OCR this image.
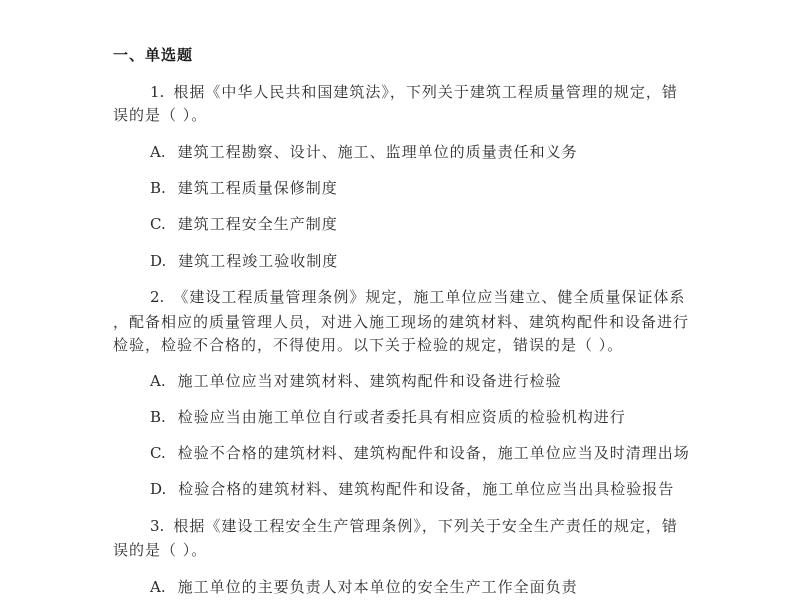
一、单选题
1. 根据《中华人民共和国建筑法》，下列关于建筑工程质量管理的规定，错
误的是（ ）。
A. 建筑工程勘察、设计、施工、监理单位的质量责任和义务
B. 建筑工程质量保修制度
C. 建筑工程安全生产制度
D. 建筑工程竣工验收制度
2. 《建设工程质量管理条例》规定，施工单位应当建立、健全质量保证体系
，配备相应的质量管理人员，对进入施工现场的建筑材料、建筑构配件和设备进行
检验，检验不合格的，不得使用。以下关于检验的规定，错误的是（ ）。
A. 施工单位应当对建筑材料、建筑构配件和设备进行检验
B. 检验应当由施工单位自行或者委托具有相应资质的检验机构进行
C. 检验不合格的建筑材料、建筑构配件和设备，施工单位应当及时清理出场
D. 检验合格的建筑材料、建筑构配件和设备，施工单位应当出具检验报告
3. 根据《建设工程安全生产管理条例》，下列关于安全生产责任的规定，错
误的是（ ）。
A. 施工单位的主要负责人对本单位的安全生产工作全面负责
